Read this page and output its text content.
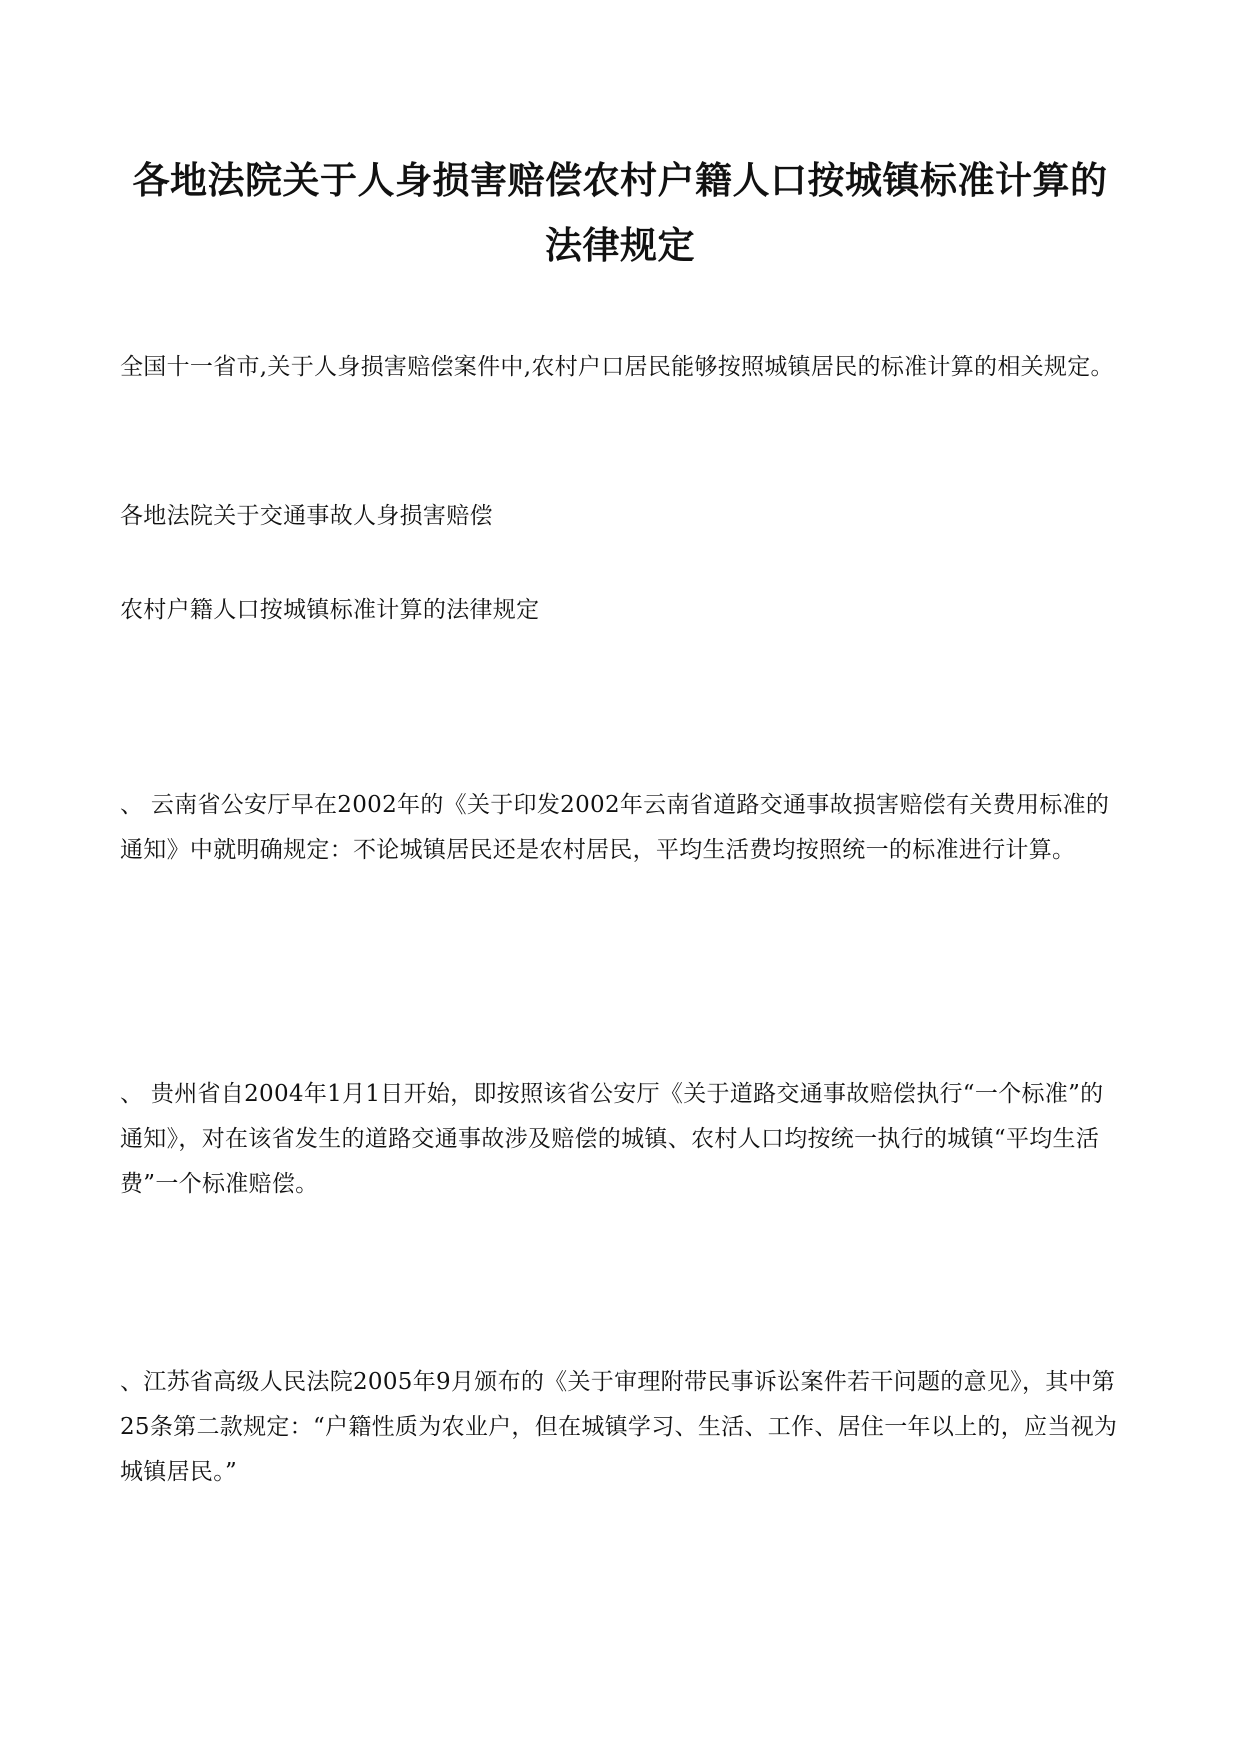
各地法院关于人身损害赔偿农村户籍人口按城镇标准计算的
法律规定

全国十一省市,关于人身损害赔偿案件中,农村户口居民能够按照城镇居民的标准计算的相关规定。

各地法院关于交通事故人身损害赔偿

农村户籍人口按城镇标准计算的法律规定

、 云南省公安厅早在2002年的《关于印发2002年云南省道路交通事故损害赔偿有关费用标准的通知》中就明确规定：不论城镇居民还是农村居民，平均生活费均按照统一的标准进行计算。

、 贵州省自2004年1月1日开始，即按照该省公安厅《关于道路交通事故赔偿执行“一个标准”的通知》，对在该省发生的道路交通事故涉及赔偿的城镇、农村人口均按统一执行的城镇“平均生活费”一个标准赔偿。

、江苏省高级人民法院2005年9月颁布的《关于审理附带民事诉讼案件若干问题的意见》，其中第25条第二款规定：“户籍性质为农业户，但在城镇学习、生活、工作、居住一年以上的，应当视为城镇居民。”
